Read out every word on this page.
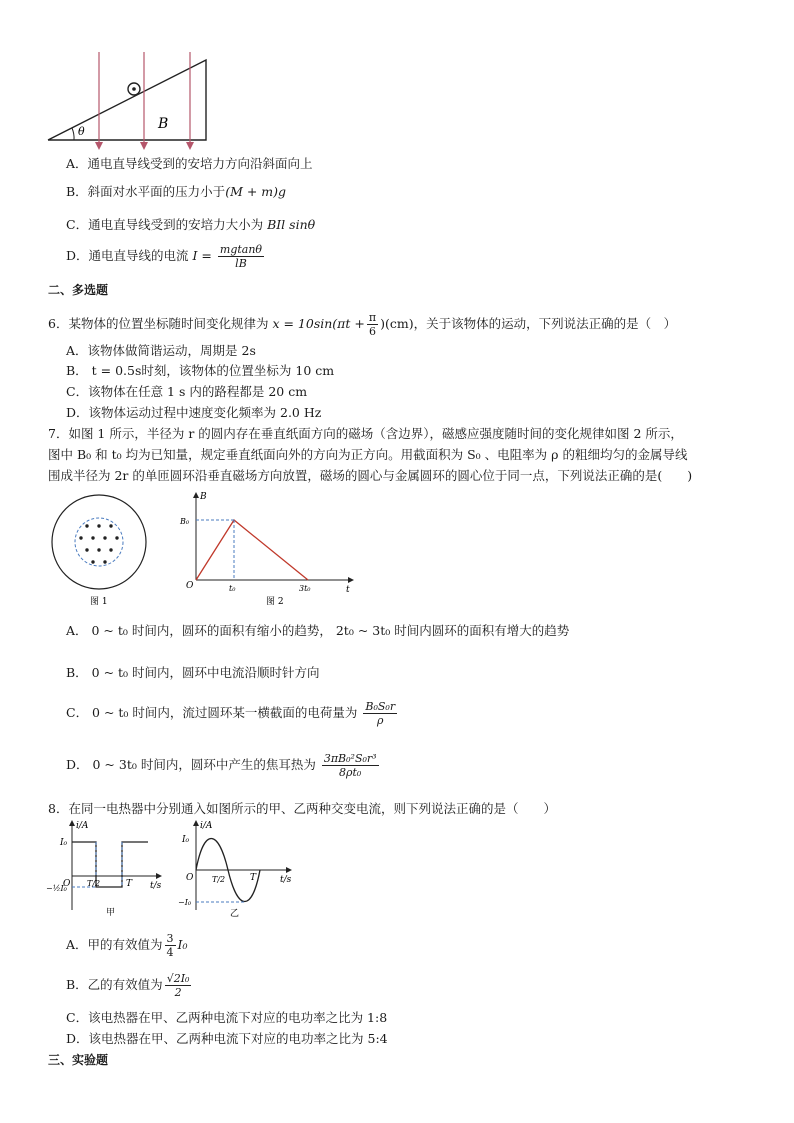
B
θ
A．通电直导线受到的安培力方向沿斜面向上
B．斜面对水平面的压力小于(M + m)g
C．通电直导线受到的安培力大小为 BIl sinθ
D．通电直导线的电流 $I = \frac{mgtan\theta}{lB}$
二、多选题
6．某物体的位置坐标随时间变化规律为 $x = 10\sin(\pi t + \frac{\pi}{6} )(cm)$，关于该物体的运动，下列说法正确的是（　）
A．该物体做简谐运动，周期是 2s
B． t = 0.5s时刻，该物体的位置坐标为 10 cm
C．该物体在任意 1 s 内的路程都是 20 cm
D．该物体运动过程中速度变化频率为 2.0 Hz
7．如图 1 所示，半径为 r 的圆内存在垂直纸面方向的磁场（含边界），磁感应强度随时间的变化规律如图 2 所示，
图中 B₀ 和 t₀ 均为已知量，规定垂直纸面向外的方向为正方向。用截面积为 S₀ 、电阻率为 ρ 的粗细均匀的金属导线
围成半径为 2r 的单匝圆环沿垂直磁场方向放置，磁场的圆心与金属圆环的圆心位于同一点，下列说法正确的是(　　)
图 1
B
t
O
B₀
t₀	3t₀
图 2
A． 0 ~ t₀ 时间内，圆环的面积有缩小的趋势， 2t₀ ~ 3t₀ 时间内圆环的面积有增大的趋势
B． 0 ~ t₀ 时间内，圆环中电流沿顺时针方向
C． 0 ~ t₀ 时间内，流过圆环某一横截面的电荷量为 $\frac{\text{B₀S₀r}}{\rho}$
D． 0 ~ 3t₀ 时间内，圆环中产生的焦耳热为 $\frac{\text{3πB₀²S₀r³}}{\text{8ρt₀}}$
8．在同一电热器中分别通入如图所示的甲、乙两种交变电流，则下列说法正确的是（　　）
i/A
t/s
O
I₀
−½I₀
T/2	T
甲
i/A
t/s
O
I₀
−I₀
T/2	T
乙
A．甲的有效值为 $\frac{3}{4} I_0$
B．乙的有效值为 $\frac{\text{√2I₀}}{2}$
C．该电热器在甲、乙两种电流下对应的电功率之比为 1:8
D．该电热器在甲、乙两种电流下对应的电功率之比为 5:4
三、实验题
